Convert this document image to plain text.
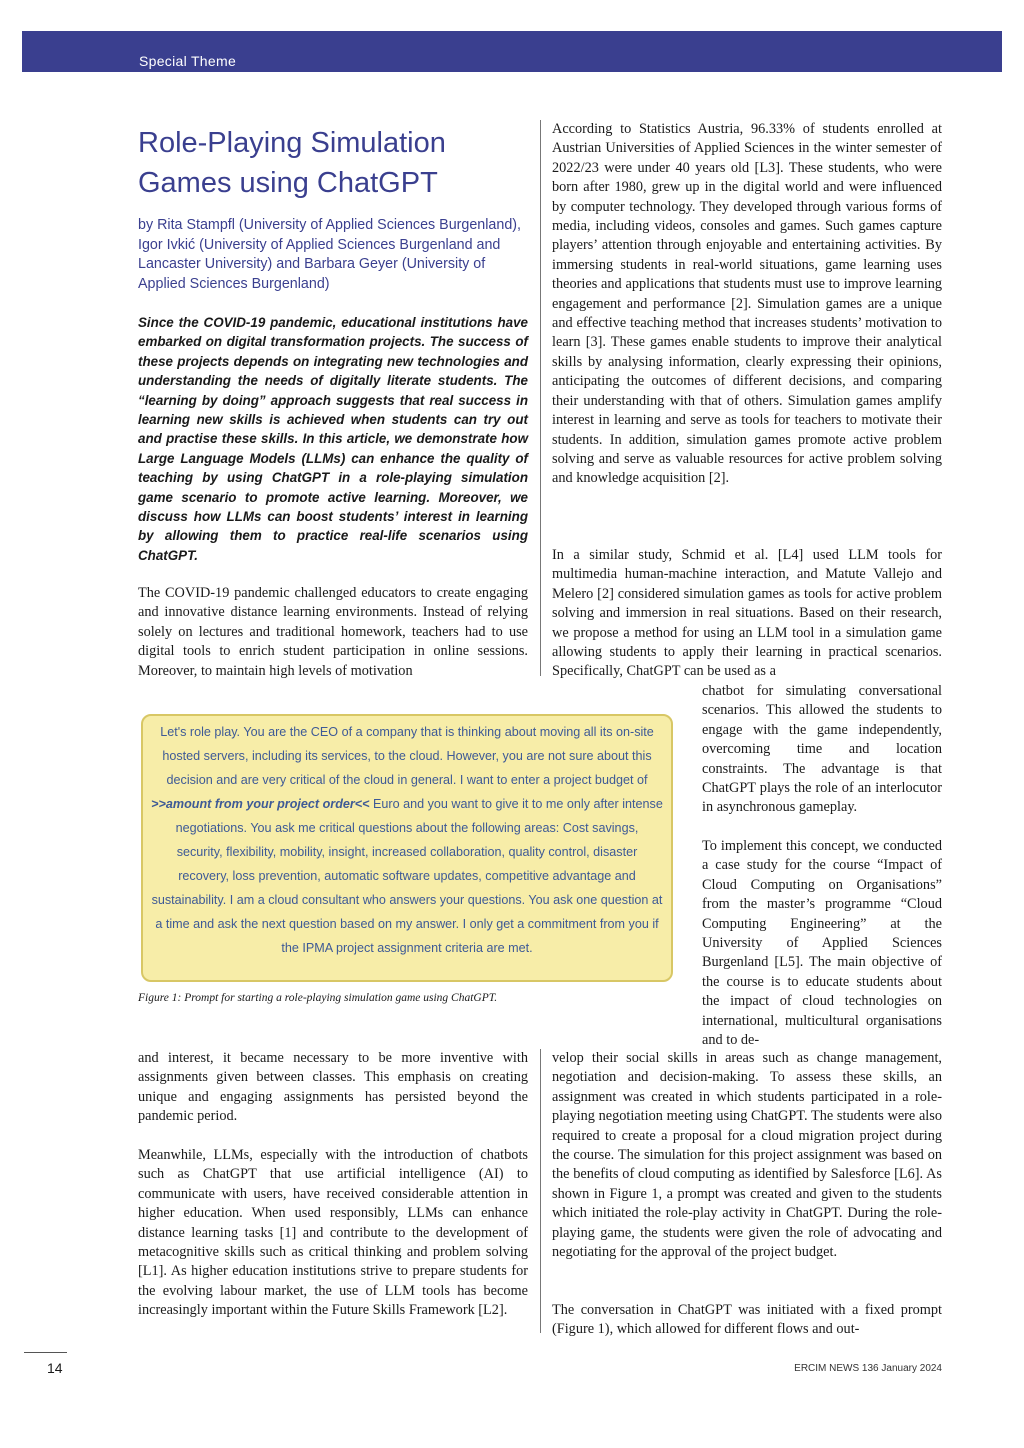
Special Theme
Role-Playing Simulation
Games using ChatGPT
by Rita Stampfl (University of Applied Sciences Burgenland), Igor Ivkić (University of Applied Sciences Burgenland and Lancaster University) and Barbara Geyer (University of Applied Sciences Burgenland)

Since the COVID-19 pandemic, educational institutions have embarked on digital transformation projects. The success of these projects depends on integrating new technologies and understanding the needs of digitally literate students. The “learning by doing” approach suggests that real success in learning new skills is achieved when students can try out and practise these skills. In this article, we demonstrate how Large Language Models (LLMs) can enhance the quality of teaching by using ChatGPT in a role-playing simulation game scenario to promote active learning. Moreover, we discuss how LLMs can boost students’ interest in learning by allowing them to practice real-life scenarios using ChatGPT.

The COVID-19 pandemic challenged educators to create engaging and innovative distance learning environments. Instead of relying solely on lectures and traditional homework, teachers had to use digital tools to enrich student participation in online sessions. Moreover, to maintain high levels of motivation

and interest, it became necessary to be more inventive with assignments given between classes. This emphasis on creating unique and engaging assignments has persisted beyond the pandemic period.

Meanwhile, LLMs, especially with the introduction of chatbots such as ChatGPT that use artificial intelligence (AI) to communicate with users, have received considerable attention in higher education. When used responsibly, LLMs can enhance distance learning tasks [1] and contribute to the development of metacognitive skills such as critical thinking and problem solving [L1]. As higher education institutions strive to prepare students for the evolving labour market, the use of LLM tools has become increasingly important within the Future Skills Framework [L2].

According to Statistics Austria, 96.33% of students enrolled at Austrian Universities of Applied Sciences in the winter semester of 2022/23 were under 40 years old [L3]. These students, who were born after 1980, grew up in the digital world and were influenced by computer technology. They developed through various forms of media, including videos, consoles and games. Such games capture players’ attention through enjoyable and entertaining activities. By immersing students in real-world situations, game learning uses theories and applications that students must use to improve learning engagement and performance [2]. Simulation games are a unique and effective teaching method that increases students’ motivation to learn [3]. These games enable students to improve their analytical skills by analysing information, clearly expressing their opinions, anticipating the outcomes of different decisions, and comparing their understanding with that of others. Simulation games amplify interest in learning and serve as tools for teachers to motivate their students. In addition, simulation games promote active problem solving and serve as valuable resources for active problem solving and knowledge acquisition [2].

In a similar study, Schmid et al. [L4] used LLM tools for multimedia human-machine interaction, and Matute Vallejo and Melero [2] considered simulation games as tools for active problem solving and immersion in real situations. Based on their research, we propose a method for using an LLM tool in a simulation game allowing students to apply their learning in practical scenarios. Specifically, ChatGPT can be used as a

chatbot for simulating conversational scenarios. This allowed the students to engage with the game independently, overcoming time and location constraints. The advantage is that ChatGPT plays the role of an interlocutor in asynchronous gameplay.

To implement this concept, we conducted a case study for the course “Impact of Cloud Computing on Organisations” from the master’s programme “Cloud Computing Engineering” at the University of Applied Sciences Burgenland [L5]. The main objective of the course is to educate students about the impact of cloud technologies on international, multicultural organisations and to de-

velop their social skills in areas such as change management, negotiation and decision-making. To assess these skills, an assignment was created in which students participated in a role-playing negotiation meeting using ChatGPT. The students were also required to create a proposal for a cloud migration project during the course. The simulation for this project assignment was based on the benefits of cloud computing as identified by Salesforce [L6]. As shown in Figure 1, a prompt was created and given to the students which initiated the role-play activity in ChatGPT. During the role-playing game, the students were given the role of advocating and negotiating for the approval of the project budget.

The conversation in ChatGPT was initiated with a fixed prompt (Figure 1), which allowed for different flows and out-

Let's role play. You are the CEO of a company that is thinking about moving all its on-site hosted servers, including its services, to the cloud. However, you are not sure about this decision and are very critical of the cloud in general. I want to enter a project budget of >>amount from your project order<< Euro and you want to give it to me only after intense negotiations. You ask me critical questions about the following areas: Cost savings, security, flexibility, mobility, insight, increased collaboration, quality control, disaster recovery, loss prevention, automatic software updates, competitive advantage and sustainability. I am a cloud consultant who answers your questions. You ask one question at a time and ask the next question based on my answer. I only get a commitment from you if the IPMA project assignment criteria are met.

Figure 1: Prompt for starting a role-playing simulation game using ChatGPT.

14	ERCIM NEWS 136 January 2024
